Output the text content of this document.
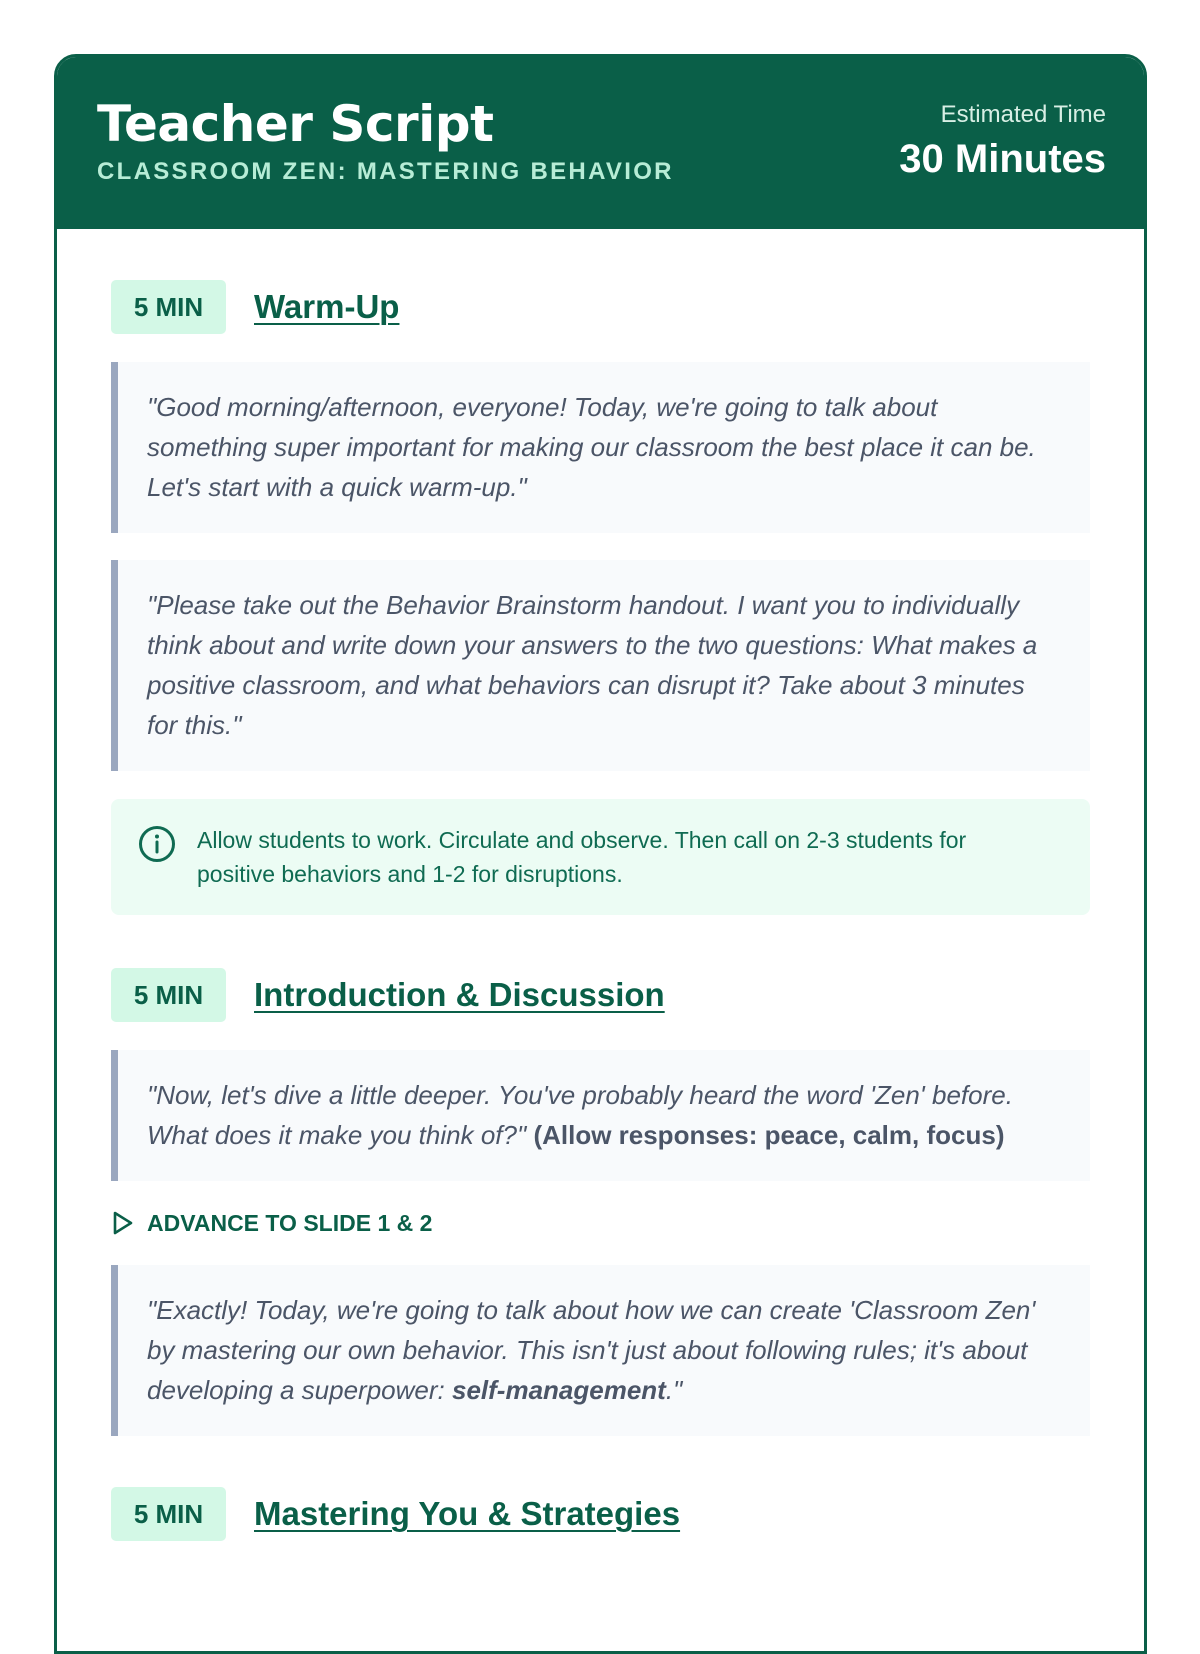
Teacher Script
CLASSROOM ZEN: MASTERING BEHAVIOR
Estimated Time
30 Minutes
5 MIN	Warm-Up
"Good morning/afternoon, everyone! Today, we're going to talk about something super important for making our classroom the best place it can be. Let's start with a quick warm-up."
"Please take out the Behavior Brainstorm handout. I want you to individually think about and write down your answers to the two questions: What makes a positive classroom, and what behaviors can disrupt it? Take about 3 minutes for this."
Allow students to work. Circulate and observe. Then call on 2-3 students for positive behaviors and 1-2 for disruptions.
5 MIN	Introduction & Discussion
"Now, let's dive a little deeper. You've probably heard the word 'Zen' before. What does it make you think of?" (Allow responses: peace, calm, focus)
ADVANCE TO SLIDE 1 & 2
"Exactly! Today, we're going to talk about how we can create 'Classroom Zen' by mastering our own behavior. This isn't just about following rules; it's about developing a superpower: self-management."
5 MIN	Mastering You & Strategies
